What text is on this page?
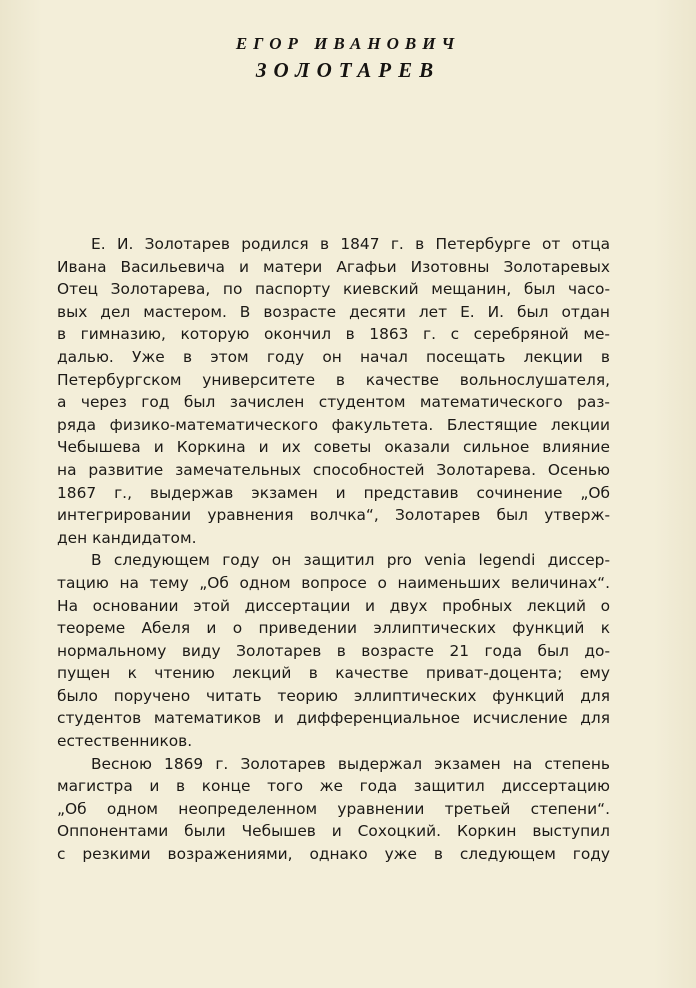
ЕГОР ИВАНОВИЧ
ЗОЛОТАРЕВ

Е. И. Золотарев родился в 1847 г. в Петербурге от отца
Ивана Васильевича и матери Агафьи Изотовны Золотаревых
Отец Золотарева, по паспорту киевский мещанин, был часо-
вых дел мастером. В возрасте десяти лет Е. И. был отдан
в гимназию, которую окончил в 1863 г. с серебряной ме-
далью. Уже в этом году он начал посещать лекции в
Петербургском университете в качестве вольнослушателя,
а через год был зачислен студентом математического раз-
ряда физико-математического факультета. Блестящие лекции
Чебышева и Коркина и их советы оказали сильное влияние
на развитие замечательных способностей Золотарева. Осенью
1867 г., выдержав экзамен и представив сочинение „Об
интегрировании уравнения волчка“, Золотарев был утверж-
ден кандидатом.

В следующем году он защитил pro venia legendi диссер-
тацию на тему „Об одном вопросе о наименьших величинах“.
На основании этой диссертации и двух пробных лекций о
теореме Абеля и о приведении эллиптических функций к
нормальному виду Золотарев в возрасте 21 года был до-
пущен к чтению лекций в качестве приват-доцента; ему
было поручено читать теорию эллиптических функций для
студентов математиков и дифференциальное исчисление для
естественников.

Весною 1869 г. Золотарев выдержал экзамен на степень
магистра и в конце того же года защитил диссертацию
„Об одном неопределенном уравнении третьей степени“.
Оппонентами были Чебышев и Сохоцкий. Коркин выступил
с резкими возражениями, однако уже в следующем году
